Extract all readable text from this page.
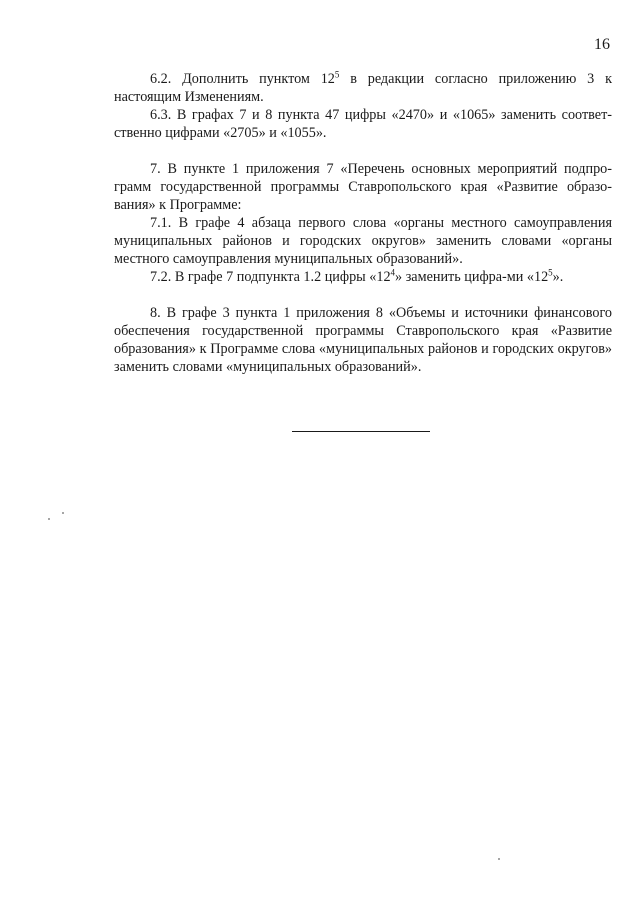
16

6.2. Дополнить пунктом $12^5$ в редакции согласно приложению 3 к настоящим Изменениям.

6.3. В графах 7 и 8 пункта 47 цифры «2470» и «1065» заменить соответ-ственно цифрами «2705» и «1055».

7. В пункте 1 приложения 7 «Перечень основных мероприятий подпро-грамм государственной программы Ставропольского края «Развитие образо-вания» к Программе:

7.1. В графе 4 абзаца первого слова «органы местного самоуправления муниципальных районов и городских округов» заменить словами «органы местного самоуправления муниципальных образований».

7.2. В графе 7 подпункта 1.2 цифры «$12^4$» заменить цифра-ми «$12^5$».

8. В графе 3 пункта 1 приложения 8 «Объемы и источники финансового обеспечения государственной программы Ставропольского края «Развитие образования» к Программе слова «муниципальных районов и городских округов» заменить словами «муниципальных образований».
